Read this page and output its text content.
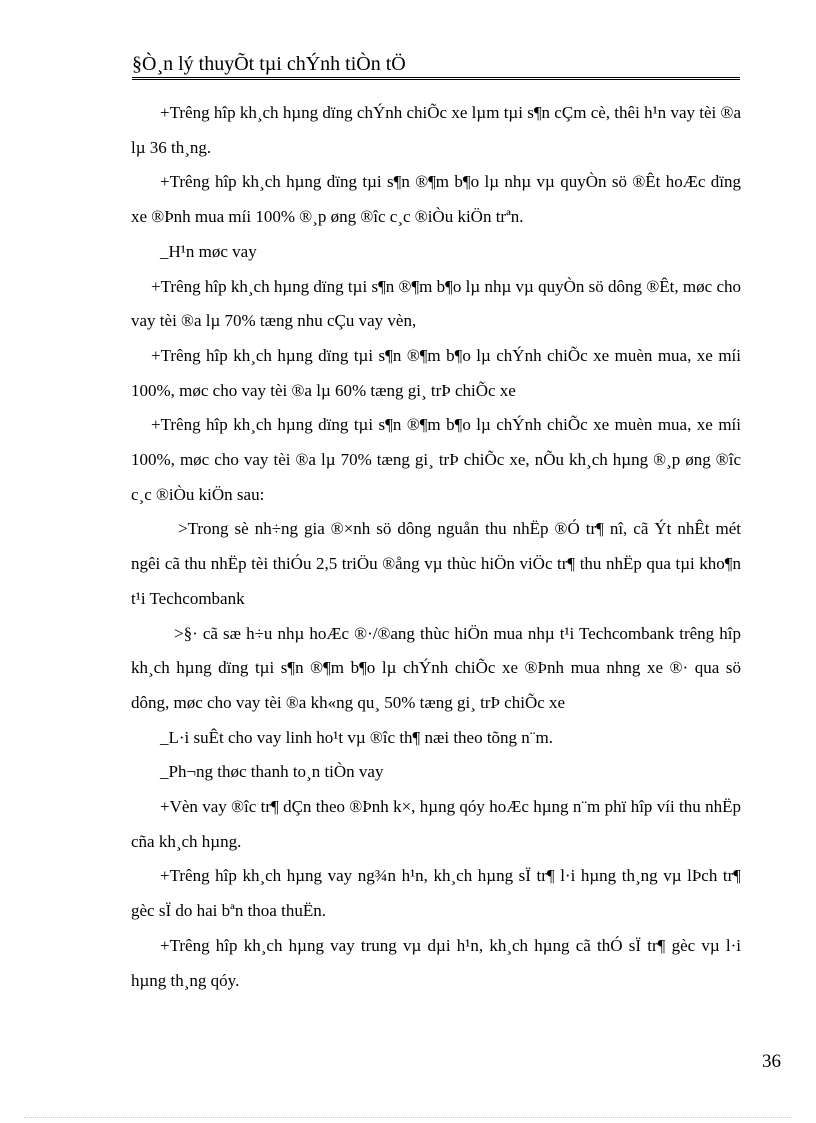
§Ò¸n lý thuyÕt tµi chÝnh tiÒn tÖ

+Trêng hîp kh¸ch hµng dïng chÝnh chiÕc xe lµm tµi s¶n cÇm cè, thêi h¹n vay tèi ®a lµ 36 th¸ng.

+Trêng hîp kh¸ch hµng dïng tµi s¶n ®¶m b¶o lµ nhµ vµ quyÒn sö ®Êt hoÆc dïng xe ®Þnh mua míi 100% ®¸p øng ®îc c¸c ®iÒu kiÖn trªn.

_H¹n møc vay

+Trêng hîp kh¸ch hµng dïng tµi s¶n ®¶m b¶o lµ nhµ vµ quyÒn sö dông ®Êt, møc cho vay tèi ®a lµ 70% tæng nhu cÇu vay vèn,

+Trêng hîp kh¸ch hµng dïng tµi s¶n ®¶m b¶o lµ chÝnh chiÕc xe muèn mua, xe míi 100%, møc cho vay tèi ®a lµ 60% tæng gi¸ trÞ chiÕc xe

+Trêng hîp kh¸ch hµng dïng tµi s¶n ®¶m b¶o lµ chÝnh chiÕc xe muèn mua, xe míi 100%, møc cho vay tèi ®a lµ 70% tæng gi¸ trÞ chiÕc xe, nÕu kh¸ch hµng ®¸p øng ®îc c¸c ®iÒu kiÖn sau:

>Trong sè nh÷ng gia ®×nh sö dông nguån thu nhËp ®Ó tr¶ nî, cã Ýt nhÊt mét ngêi cã thu nhËp tèi thiÓu 2,5 triÖu ®ång vµ thùc hiÖn viÖc tr¶ thu nhËp qua tµi kho¶n t¹i Techcombank

>§· cã sæ h÷u nhµ hoÆc ®·/®ang thùc hiÖn mua nhµ t¹i Techcombank trêng hîp kh¸ch hµng dïng tµi s¶n ®¶m b¶o lµ chÝnh chiÕc xe ®Þnh mua nhng xe ®· qua sö dông, møc cho vay tèi ®a kh«ng qu¸ 50% tæng gi¸ trÞ chiÕc xe

_L·i suÊt cho vay linh ho¹t vµ ®îc th¶ næi theo tõng n¨m.

_Ph¬ng thøc thanh to¸n tiÒn vay

+Vèn vay ®îc tr¶ dÇn theo ®Þnh k×, hµng qóy hoÆc hµng n¨m phï hîp víi thu nhËp cña kh¸ch hµng.

+Trêng hîp kh¸ch hµng vay ng¾n h¹n, kh¸ch hµng sÏ tr¶ l·i hµng th¸ng vµ lÞch tr¶ gèc sÏ do hai bªn thoa thuËn.

+Trêng hîp kh¸ch hµng vay trung vµ dµi h¹n, kh¸ch hµng cã thÓ sÏ tr¶ gèc vµ l·i hµng th¸ng qóy.

36
